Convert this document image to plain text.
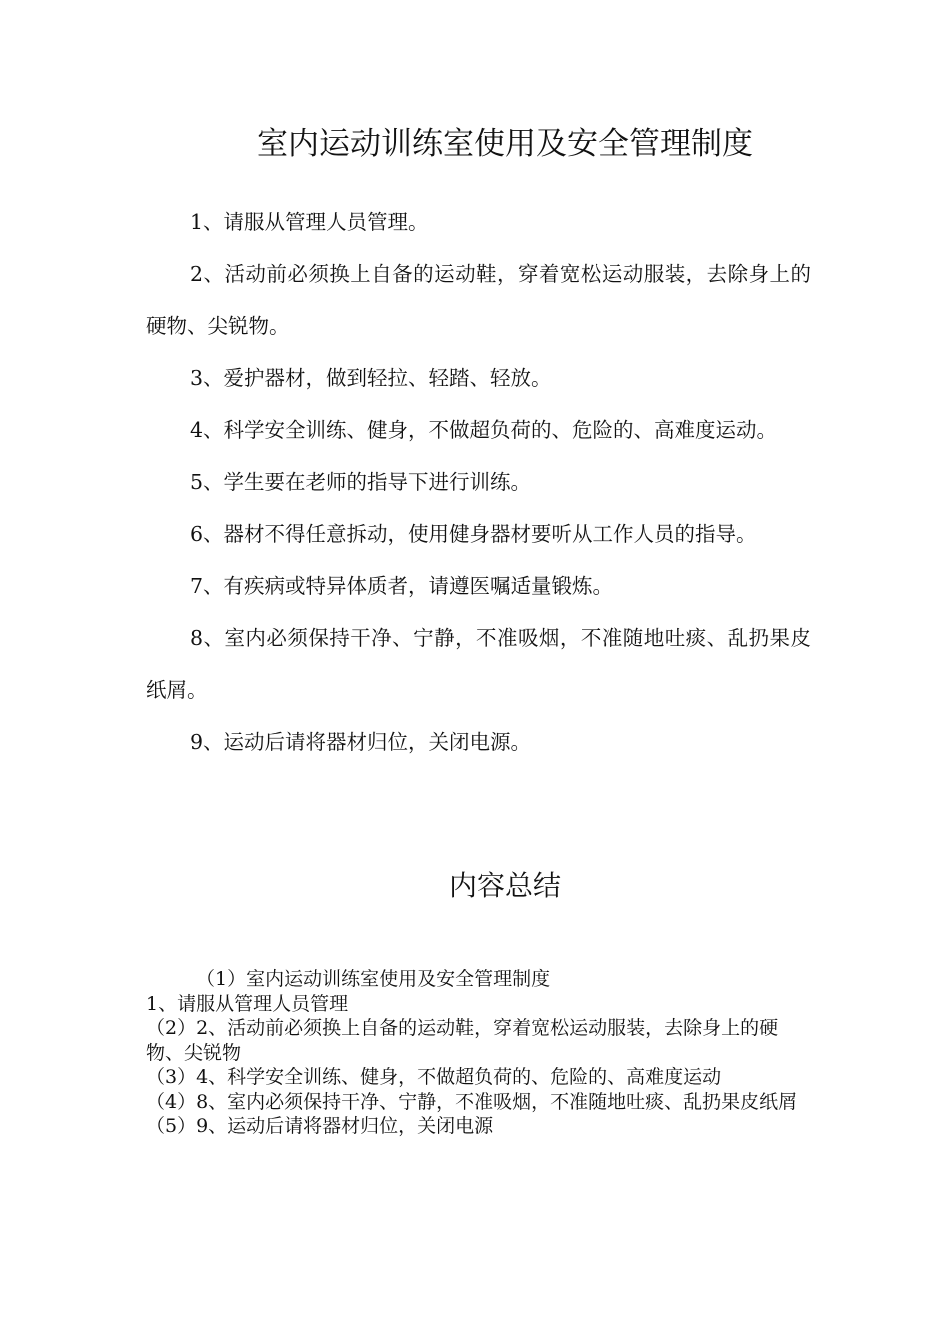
室内运动训练室使用及安全管理制度

1、请服从管理人员管理。

2、活动前必须换上自备的运动鞋，穿着宽松运动服装，去除身上的硬物、尖锐物。

3、爱护器材，做到轻拉、轻踏、轻放。

4、科学安全训练、健身，不做超负荷的、危险的、高难度运动。

5、学生要在老师的指导下进行训练。

6、器材不得任意拆动，使用健身器材要听从工作人员的指导。

7、有疾病或特异体质者，请遵医嘱适量锻炼。

8、室内必须保持干净、宁静，不准吸烟，不准随地吐痰、乱扔果皮纸屑。

9、运动后请将器材归位，关闭电源。

内容总结

（1）室内运动训练室使用及安全管理制度

1、请服从管理人员管理

（2）2、活动前必须换上自备的运动鞋，穿着宽松运动服装，去除身上的硬物、尖锐物

（3）4、科学安全训练、健身，不做超负荷的、危险的、高难度运动

（4）8、室内必须保持干净、宁静，不准吸烟，不准随地吐痰、乱扔果皮纸屑

（5）9、运动后请将器材归位，关闭电源
